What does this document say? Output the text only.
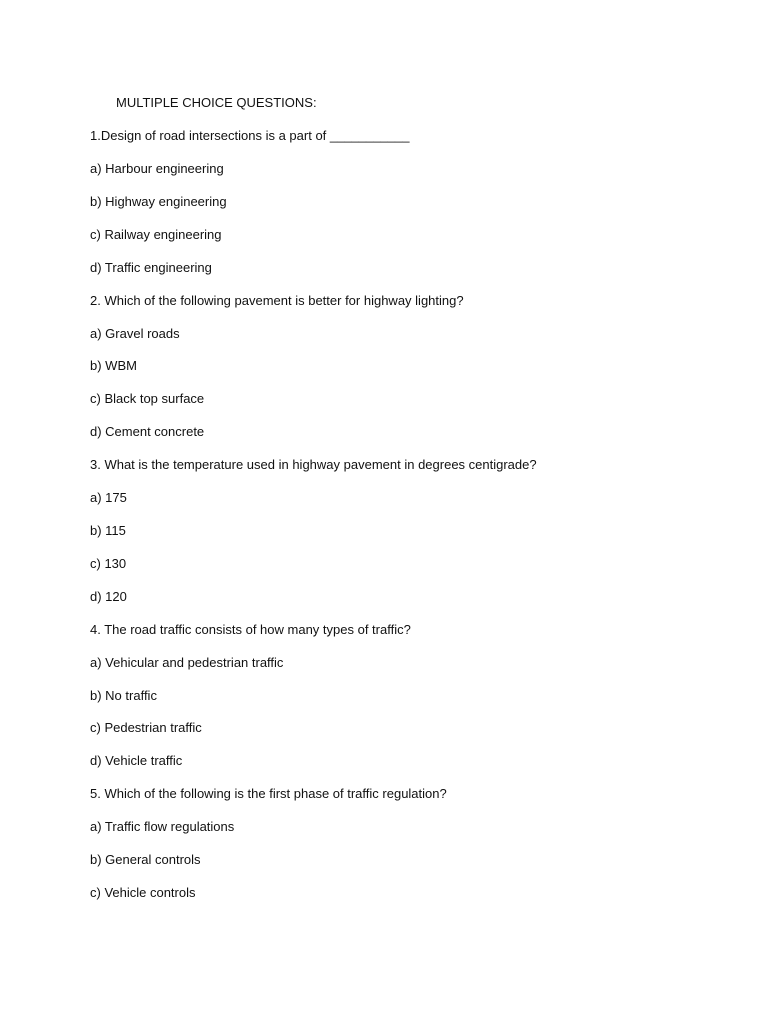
MULTIPLE CHOICE QUESTIONS:
1.Design of road intersections is a part of ___________
a) Harbour engineering
b) Highway engineering
c) Railway engineering
d) Traffic engineering
2. Which of the following pavement is better for highway lighting?
a) Gravel roads
b) WBM
c) Black top surface
d) Cement concrete
3. What is the temperature used in highway pavement in degrees centigrade?
a) 175
b) 115
c) 130
d) 120
4. The road traffic consists of how many types of traffic?
a) Vehicular and pedestrian traffic
b) No traffic
c) Pedestrian traffic
d) Vehicle traffic
5. Which of the following is the first phase of traffic regulation?
a) Traffic flow regulations
b) General controls
c) Vehicle controls
